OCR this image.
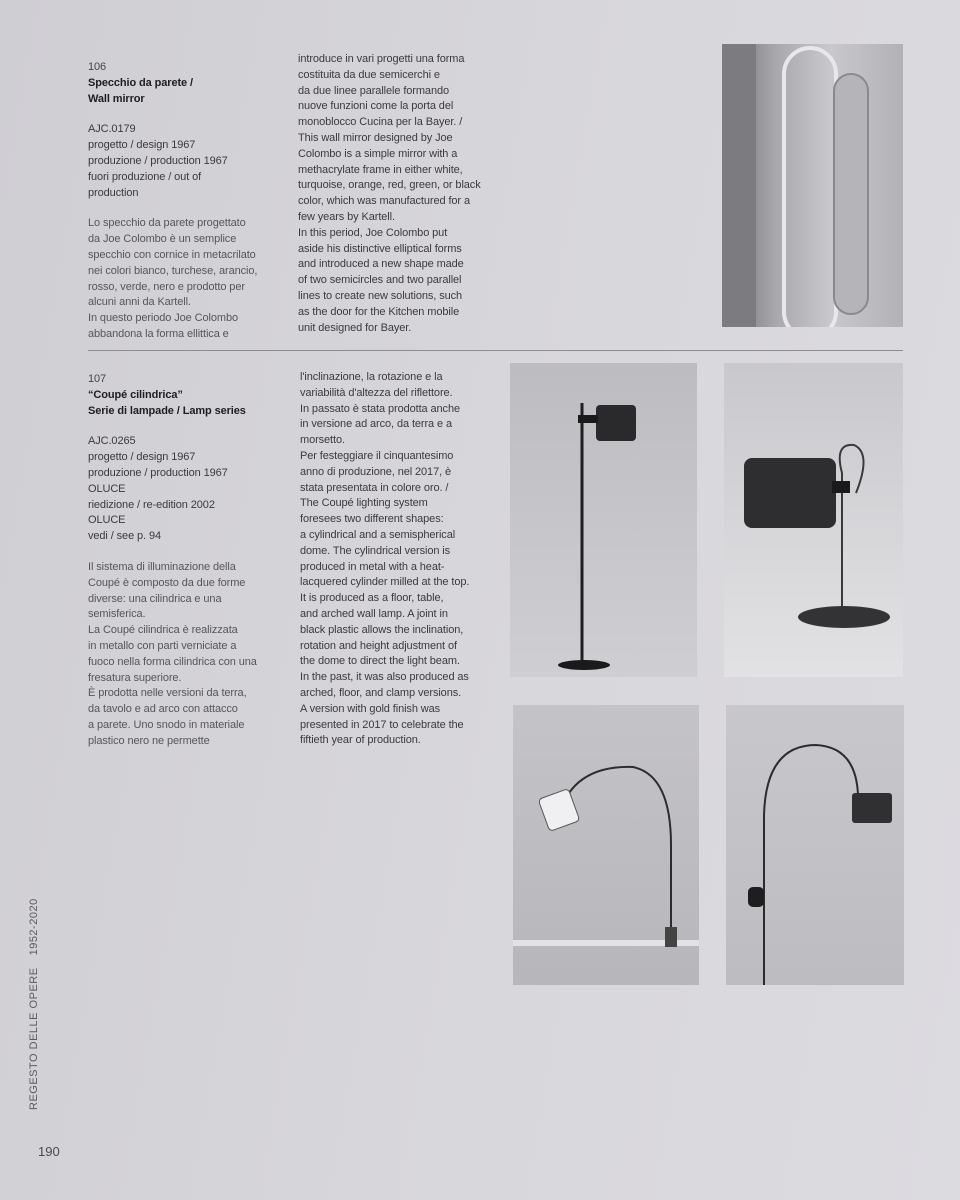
106
Specchio da parete /
Wall mirror
AJC.0179
progetto / design 1967
produzione / production 1967
fuori produzione / out of
production
Lo specchio da parete progettato
da Joe Colombo è un semplice
specchio con cornice in metacrilato
nei colori bianco, turchese, arancio,
rosso, verde, nero e prodotto per
alcuni anni da Kartell.
In questo periodo Joe Colombo
abbandona la forma ellittica e
introduce in vari progetti una forma
costituita da due semicerchi e
da due linee parallele formando
nuove funzioni come la porta del
monoblocco Cucina per la Bayer. /
This wall mirror designed by Joe
Colombo is a simple mirror with a
methacrylate frame in either white,
turquoise, orange, red, green, or black
color, which was manufactured for a
few years by Kartell.
In this period, Joe Colombo put
aside his distinctive elliptical forms
and introduced a new shape made
of two semicircles and two parallel
lines to create new solutions, such
as the door for the Kitchen mobile
unit designed for Bayer.
107
“Coupé cilindrica”
Serie di lampade / Lamp series
AJC.0265
progetto / design 1967
produzione / production 1967
OLUCE
riedizione / re-edition 2002
OLUCE
vedi / see p. 94
Il sistema di illuminazione della
Coupé è composto da due forme
diverse: una cilindrica e una
semisferica.
La Coupé cilindrica è realizzata
in metallo con parti verniciate a
fuoco nella forma cilindrica con una
fresatura superiore.
È prodotta nelle versioni da terra,
da tavolo e ad arco con attacco
a parete. Uno snodo in materiale
plastico nero ne permette
l'inclinazione, la rotazione e la
variabilità d'altezza del riflettore.
In passato è stata prodotta anche
in versione ad arco, da terra e a
morsetto.
Per festeggiare il cinquantesimo
anno di produzione, nel 2017, è
stata presentata in colore oro. /
The Coupé lighting system
foresees two different shapes:
a cylindrical and a semispherical
dome. The cylindrical version is
produced in metal with a heat-
lacquered cylinder milled at the top.
It is produced as a floor, table,
and arched wall lamp. A joint in
black plastic allows the inclination,
rotation and height adjustment of
the dome to direct the light beam.
In the past, it was also produced as
arched, floor, and clamp versions.
A version with gold finish was
presented in 2017 to celebrate the
fiftieth year of production.
REGESTO DELLE OPERE1952-2020
190
